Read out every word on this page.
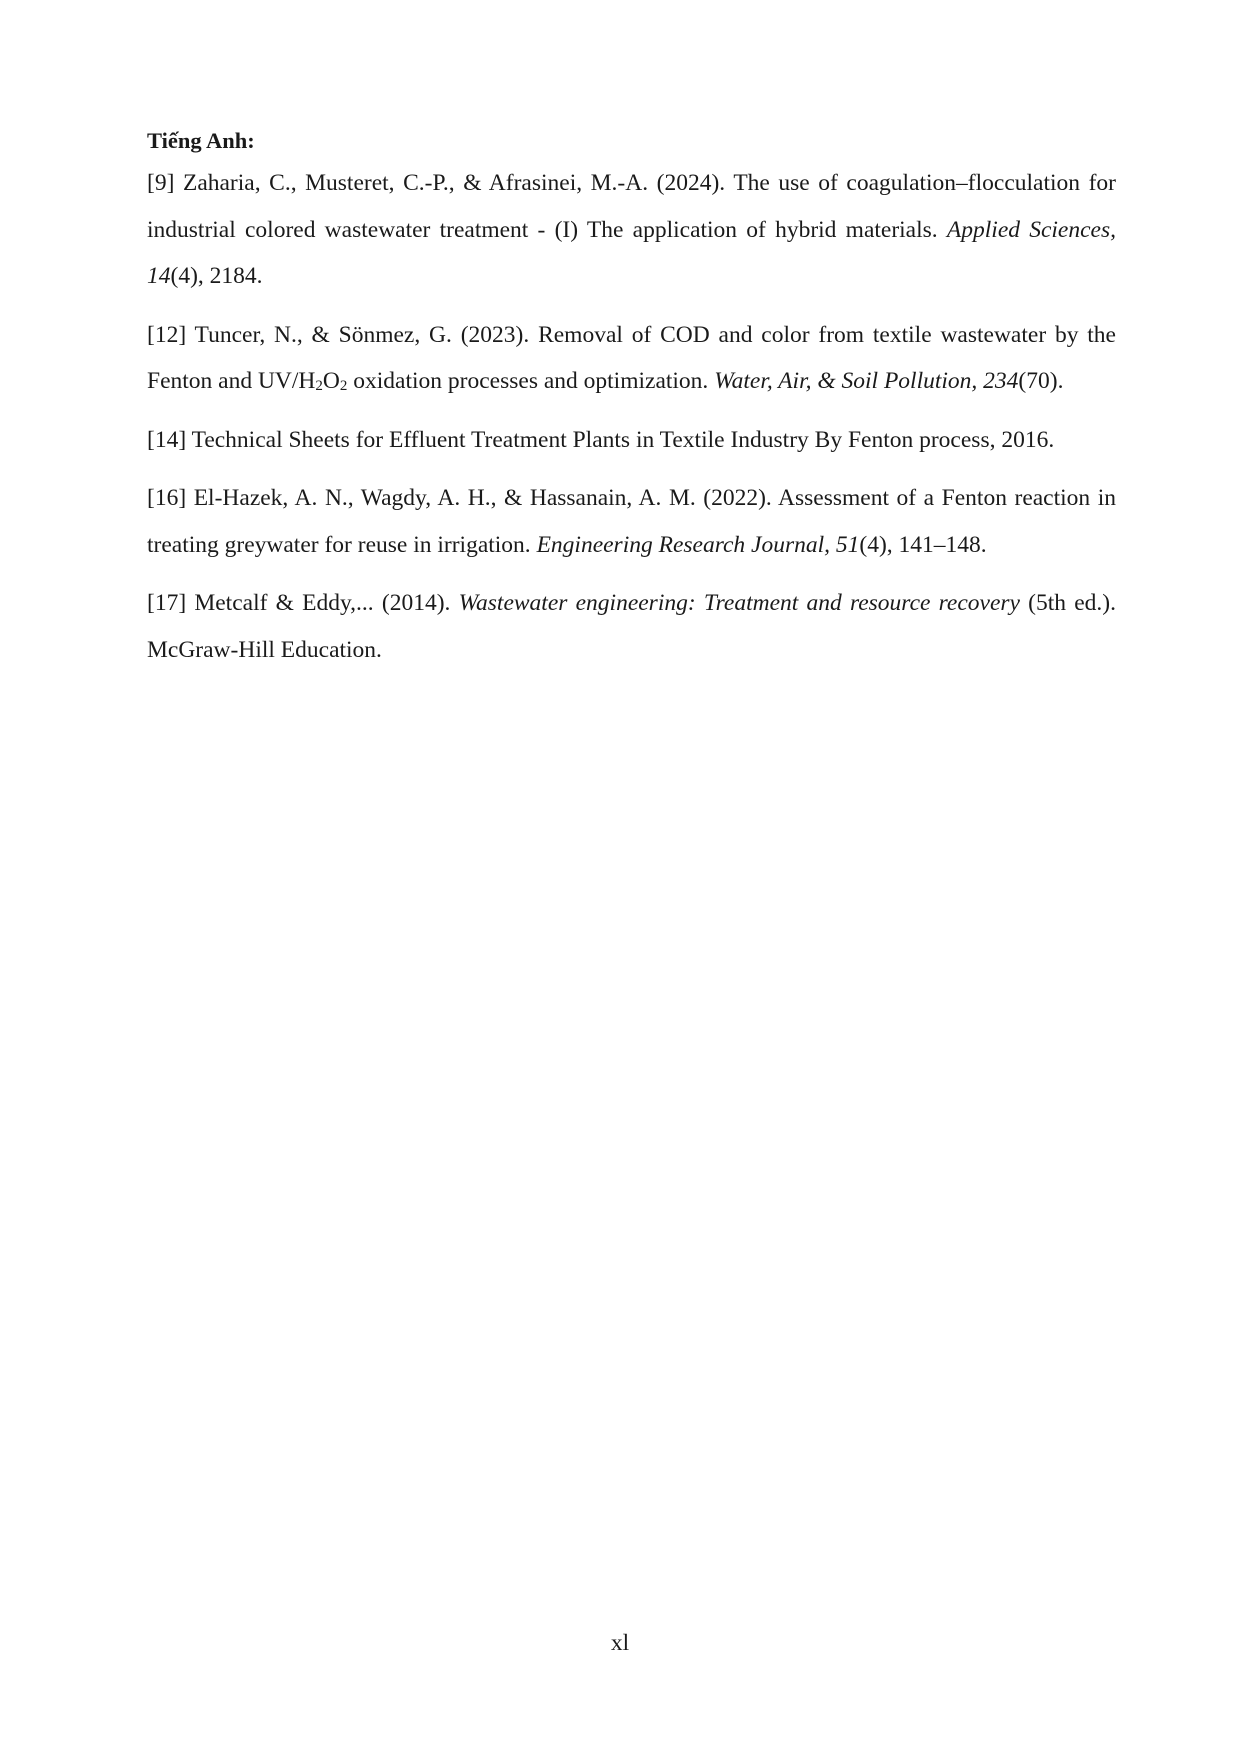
Tiếng Anh:

[9] Zaharia, C., Musteret, C.-P., & Afrasinei, M.-A. (2024). The use of coagulation–flocculation for industrial colored wastewater treatment - (I) The application of hybrid materials. Applied Sciences, 14(4), 2184.

[12] Tuncer, N., & Sönmez, G. (2023). Removal of COD and color from textile wastewater by the Fenton and $UV/H_2O_2$ oxidation processes and optimization. Water, Air, & Soil Pollution, 234(70).

[14] Technical Sheets for Effluent Treatment Plants in Textile Industry By Fenton process, 2016.

[16] El-Hazek, A. N., Wagdy, A. H., & Hassanain, A. M. (2022). Assessment of a Fenton reaction in treating greywater for reuse in irrigation. Engineering Research Journal, 51(4), 141–148.

[17] Metcalf & Eddy,... (2014). Wastewater engineering: Treatment and resource recovery (5th ed.). McGraw-Hill Education.

xl
